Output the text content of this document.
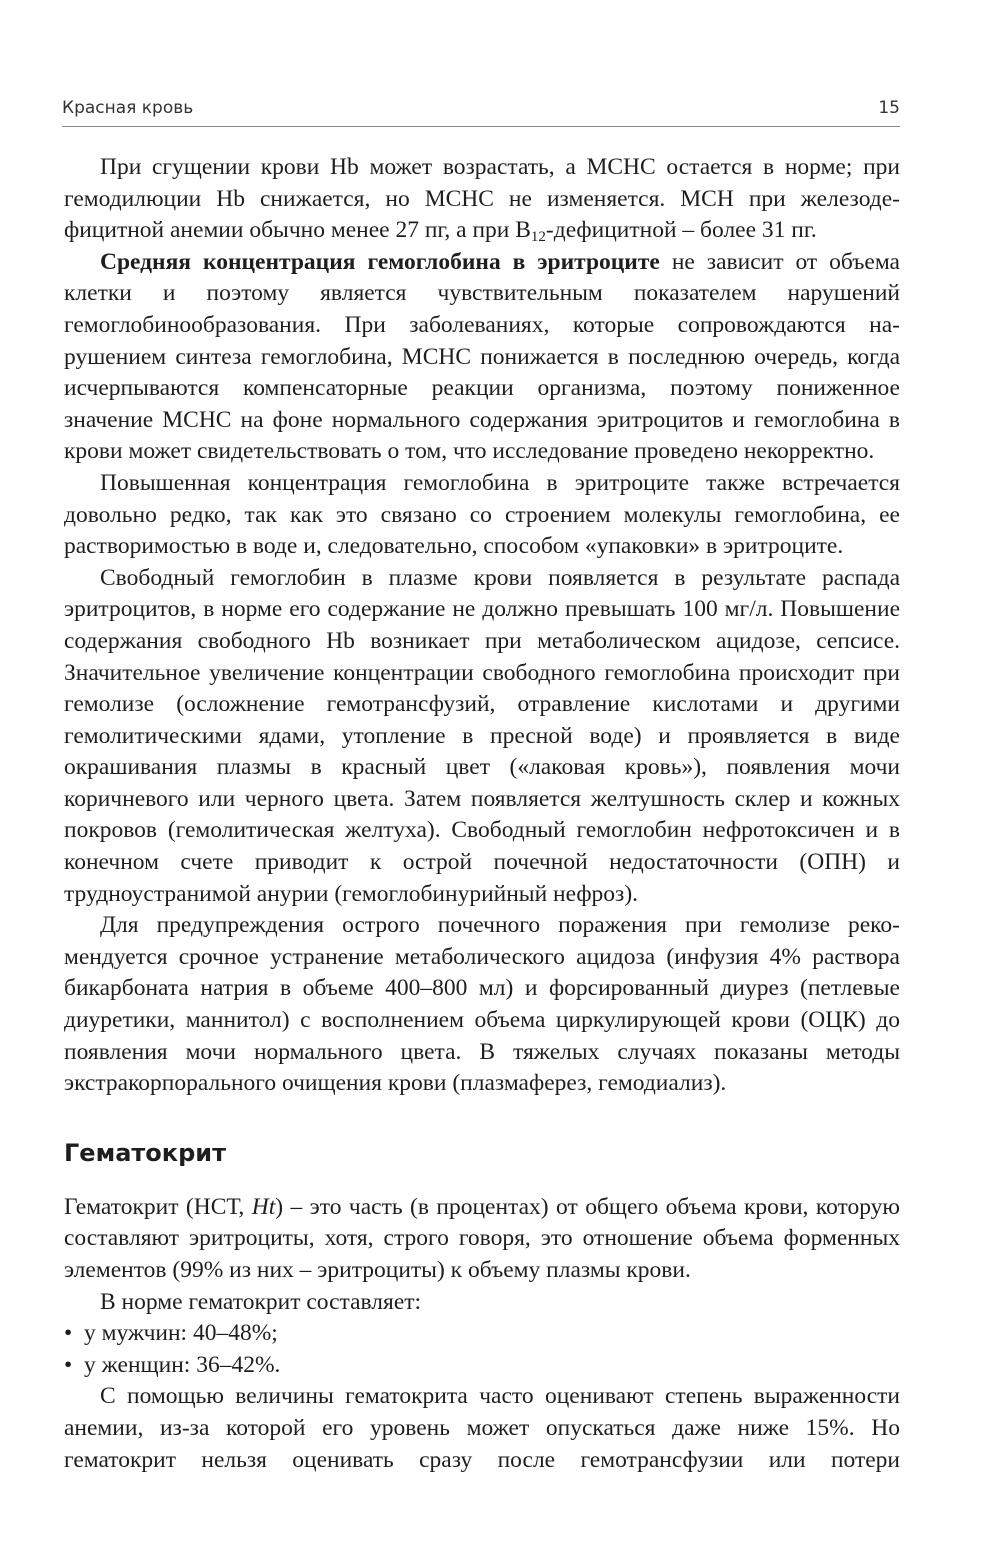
Красная кровь	15

При сгущении крови Hb может возрастать, а МСНС остается в норме; при гемодилюции Hb снижается, но МСНС не изменяется. МСН при железодефицитной анемии обычно менее 27 пг, а при $B_{12}$-дефицитной – более 31 пг.

Средняя концентрация гемоглобина в эритроците не зависит от объема клетки и поэтому является чувствительным показателем нарушений гемоглобинообразования. При заболеваниях, которые сопровождаются нарушением синтеза гемоглобина, МСНС понижается в последнюю очередь, когда исчерпываются компенсаторные реакции организма, поэтому пониженное значение МСНС на фоне нормального содержания эритроцитов и гемоглобина в крови может свидетельствовать о том, что исследование проведено некорректно.

Повышенная концентрация гемоглобина в эритроците также встречается довольно редко, так как это связано со строением молекулы гемоглобина, ее растворимостью в воде и, следовательно, способом «упаковки» в эритроците.

Свободный гемоглобин в плазме крови появляется в результате распада эритроцитов, в норме его содержание не должно превышать 100 мг/л. Повышение содержания свободного Hb возникает при метаболическом ацидозе, сепсисе. Значительное увеличение концентрации свободного гемоглобина происходит при гемолизе (осложнение гемотрансфузий, отравление кислотами и другими гемолитическими ядами, утопление в пресной воде) и проявляется в виде окрашивания плазмы в красный цвет («лаковая кровь»), появления мочи коричневого или черного цвета. Затем появляется желтушность склер и кожных покровов (гемолитическая желтуха). Свободный гемоглобин нефротоксичен и в конечном счете приводит к острой почечной недостаточности (ОПН) и трудноустранимой анурии (гемоглобинурийный нефроз).

Для предупреждения острого почечного поражения при гемолизе рекомендуется срочное устранение метаболического ацидоза (инфузия 4% раствора бикарбоната натрия в объеме 400–800 мл) и форсированный диурез (петлевые диуретики, маннитол) с восполнением объема циркулирующей крови (ОЦК) до появления мочи нормального цвета. В тяжелых случаях показаны методы экстракорпорального очищения крови (плазмаферез, гемодиализ).

Гематокрит

Гематокрит (НСТ, Ht) – это часть (в процентах) от общего объема крови, которую составляют эритроциты, хотя, строго говоря, это отношение объема форменных элементов (99% из них – эритроциты) к объему плазмы крови.

В норме гематокрит составляет:

• у мужчин: 40–48%;
• у женщин: 36–42%.

С помощью величины гематокрита часто оценивают степень выраженности анемии, из-за которой его уровень может опускаться даже ниже 15%. Но гематокрит нельзя оценивать сразу после гемотрансфузии или потери
